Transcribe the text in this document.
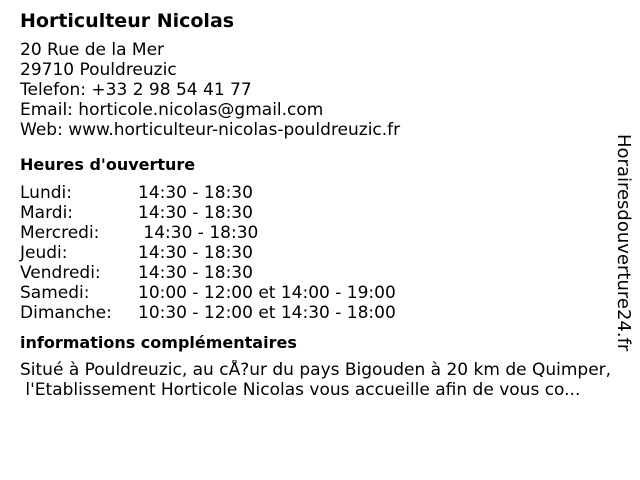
Horticulteur Nicolas
20 Rue de la Mer
29710 Pouldreuzic
Telefon: +33 2 98 54 41 77
Email: horticole.nicolas@gmail.com
Web: www.horticulteur-nicolas-pouldreuzic.fr
Heures d'ouverture
Lundi:	14:30 - 18:30
Mardi:	14:30 - 18:30
Mercredi:	14:30 - 18:30
Jeudi:	14:30 - 18:30
Vendredi:	14:30 - 18:30
Samedi:	10:00 - 12:00 et 14:00 - 19:00
Dimanche:	10:30 - 12:00 et 14:30 - 18:00
informations complémentaires
Situé à Pouldreuzic, au cÅ?ur du pays Bigouden à 20 km de Quimper,
l'Etablissement Horticole Nicolas vous accueille afin de vous co...
Horairesdouverture24.fr
